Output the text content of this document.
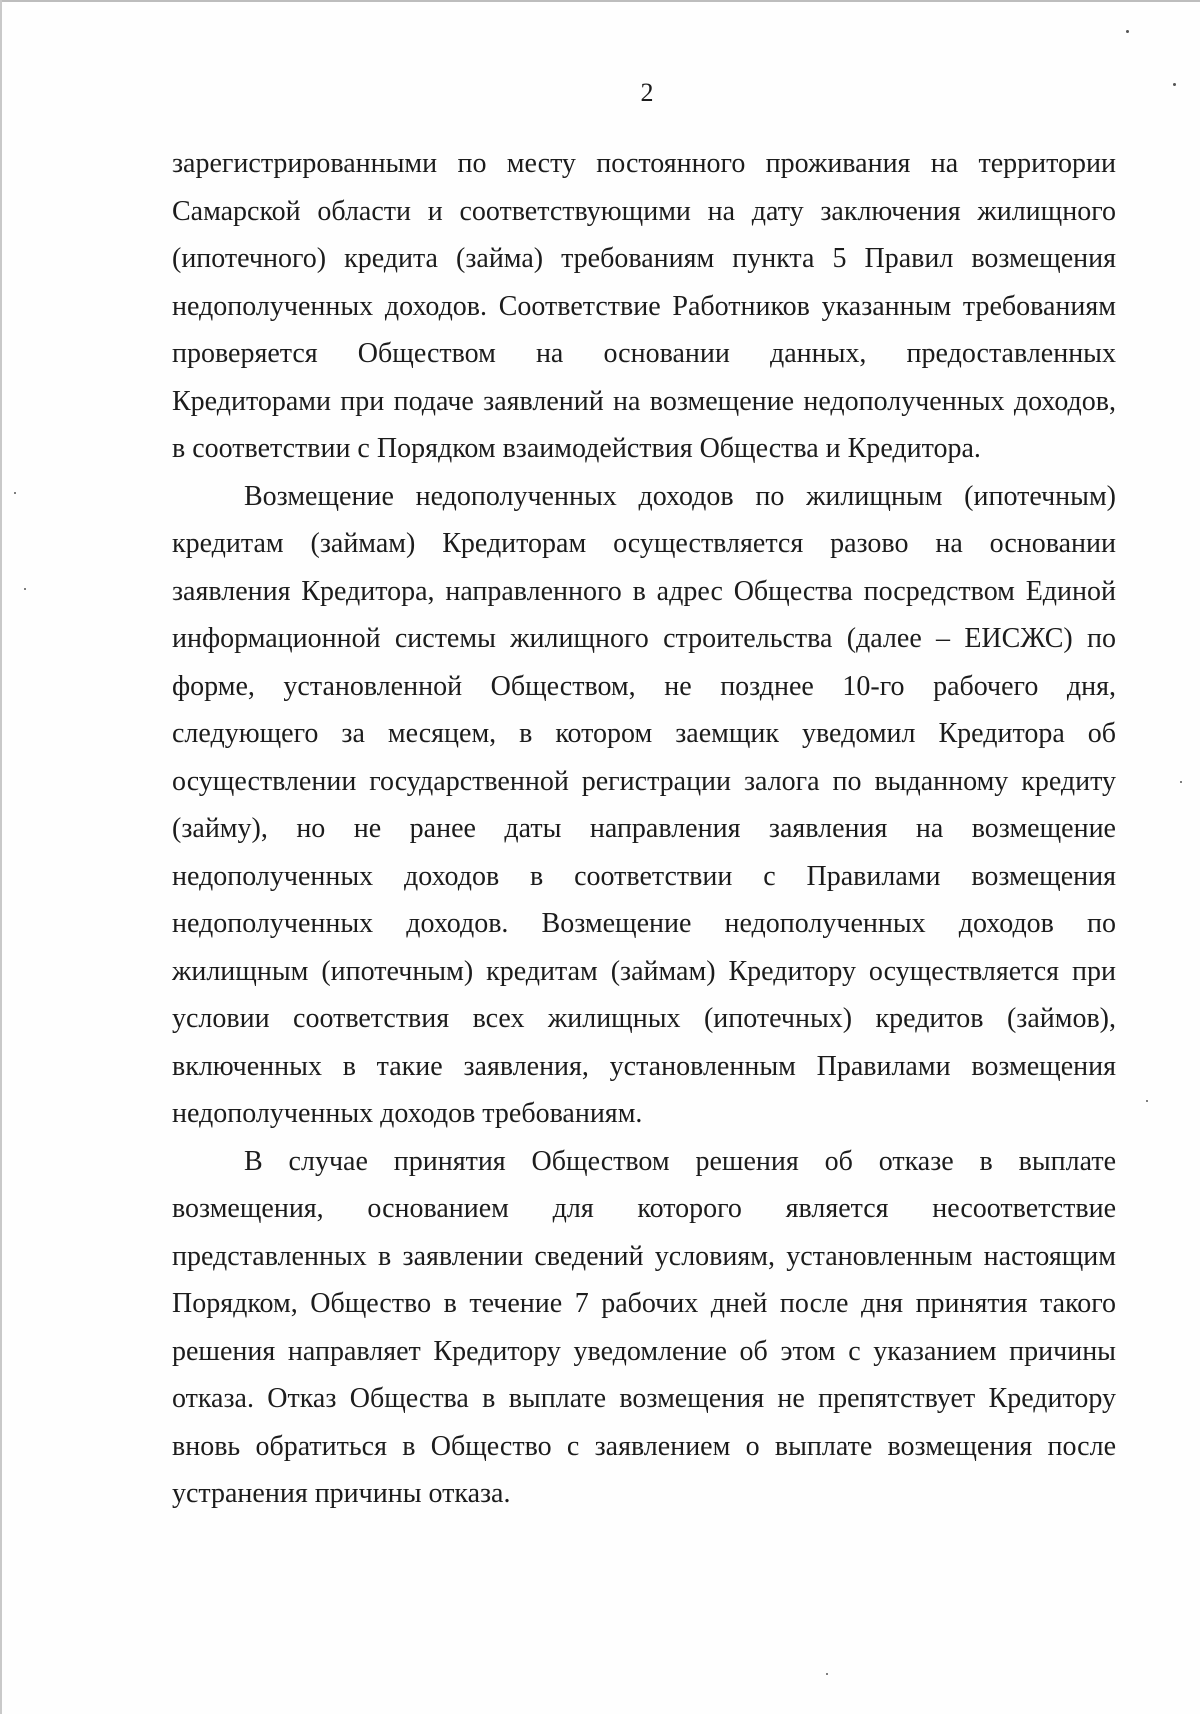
2

зарегистрированными по месту постоянного проживания на территории Самарской области и соответствующими на дату заключения жилищного (ипотечного) кредита (займа) требованиям пункта 5 Правил возмещения недополученных доходов. Соответствие Работников указанным требованиям проверяется Обществом на основании данных, предоставленных Кредиторами при подаче заявлений на возмещение недополученных доходов, в соответствии с Порядком взаимодействия Общества и Кредитора.

Возмещение недополученных доходов по жилищным (ипотечным) кредитам (займам) Кредиторам осуществляется разово на основании заявления Кредитора, направленного в адрес Общества посредством Единой информационной системы жилищного строительства (далее – ЕИСЖС) по форме, установленной Обществом, не позднее 10-го рабочего дня, следующего за месяцем, в котором заемщик уведомил Кредитора об осуществлении государственной регистрации залога по выданному кредиту (займу), но не ранее даты направления заявления на возмещение недополученных доходов в соответствии с Правилами возмещения недополученных доходов. Возмещение недополученных доходов по жилищным (ипотечным) кредитам (займам) Кредитору осуществляется при условии соответствия всех жилищных (ипотечных) кредитов (займов), включенных в такие заявления, установленным Правилами возмещения недополученных доходов требованиям.

В случае принятия Обществом решения об отказе в выплате возмещения, основанием для которого является несоответствие представленных в заявлении сведений условиям, установленным настоящим Порядком, Общество в течение 7 рабочих дней после дня принятия такого решения направляет Кредитору уведомление об этом с указанием причины отказа. Отказ Общества в выплате возмещения не препятствует Кредитору вновь обратиться в Общество с заявлением о выплате возмещения после устранения причины отказа.
